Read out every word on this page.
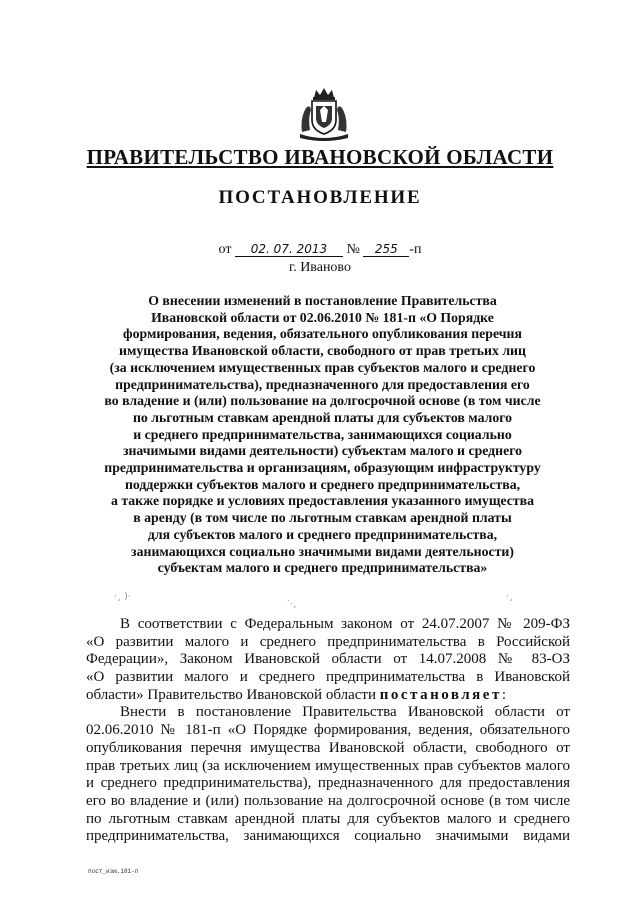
ПРАВИТЕЛЬСТВО ИВАНОВСКОЙ ОБЛАСТИ
ПОСТАНОВЛЕНИЕ
от 02. 07. 2013 № 255 -п
г. Иваново
О внесении изменений в постановление Правительства
Ивановской области от 02.06.2010 № 181-п «О Порядке
формирования, ведения, обязательного опубликования перечня
имущества Ивановской области, свободного от прав третьих лиц
(за исключением имущественных прав субъектов малого и среднего
предпринимательства), предназначенного для предоставления его
во владение и (или) пользование на долгосрочной основе (в том числе
по льготным ставкам арендной платы для субъектов малого
и среднего предпринимательства, занимающихся социально
значимыми видами деятельности) субъектам малого и среднего
предпринимательства и организациям, образующим инфраструктуру
поддержки субъектов малого и среднего предпринимательства,
а также порядке и условиях предоставления указанного имущества
в аренду (в том числе по льготным ставкам арендной платы
для субъектов малого и среднего предпринимательства,
занимающихся социально значимыми видами деятельности)
субъектам малого и среднего предпринимательства»
·¸ )·
˙·‚
·¸
В соответствии с Федеральным законом от 24.07.2007 № 209-ФЗ
«О развитии малого и среднего предпринимательства в Российской
Федерации», Законом Ивановской области от 14.07.2008 № 83-ОЗ
«О развитии малого и среднего предпринимательства в Ивановской
области» Правительство Ивановской области постановляет:
Внести в постановление Правительства Ивановской области от
02.06.2010 № 181-п «О Порядке формирования, ведения, обязательного
опубликования перечня имущества Ивановской области, свободного от
прав третьих лиц (за исключением имущественных прав субъектов малого
и среднего предпринимательства), предназначенного для предоставления
его во владение и (или) пользование на долгосрочной основе (в том числе
по льготным ставкам арендной платы для субъектов малого и среднего
предпринимательства, занимающихся социально значимыми видами
пост_изм.181-п
